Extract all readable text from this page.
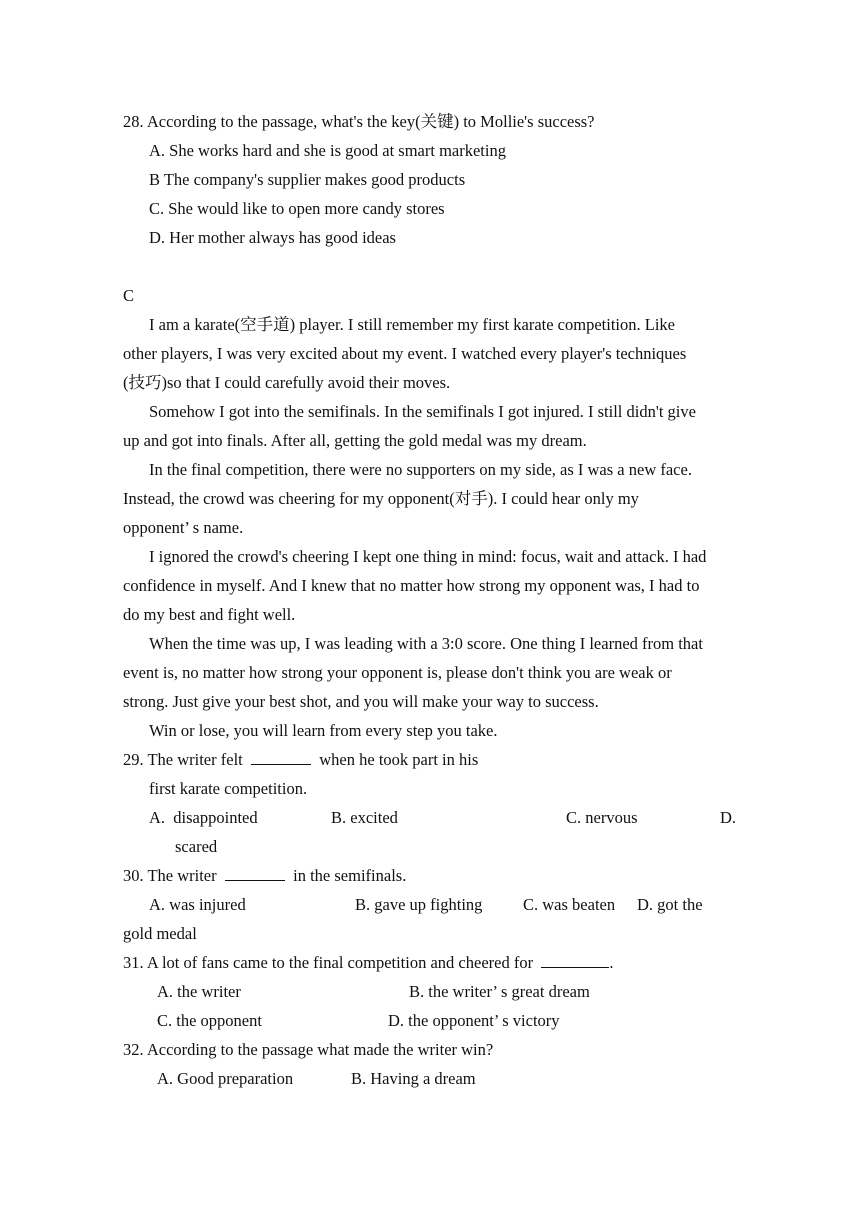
28. According to the passage, what's the key(关键) to Mollie's success?
A. She works hard and she is good at smart marketing
B The company's supplier makes good products
C. She would like to open more candy stores
D. Her mother always has good ideas
C
I am a karate(空手道) player. I still remember my first karate competition. Like
other players, I was very excited about my event. I watched every player's techniques
(技巧)so that I could carefully avoid their moves.
Somehow I got into the semifinals. In the semifinals I got injured. I still didn't give
up and got into finals. After all, getting the gold medal was my dream.
In the final competition, there were no supporters on my side, as I was a new face.
Instead, the crowd was cheering for my opponent(对手). I could hear only my
opponent’ s name.
I ignored the crowd's cheering I kept one thing in mind: focus, wait and attack. I had
confidence in myself. And I knew that no matter how strong my opponent was, I had to
do my best and fight well.
When the time was up, I was leading with a 3:0 score. One thing I learned from that
event is, no matter how strong your opponent is, please don't think you are weak or
strong. Just give your best shot, and you will make your way to success.
Win or lose, you will learn from every step you take.
29. The writer felt	when he took part in his
first karate competition.
A.  disappointed	B. excited	C. nervous	D.
scared
30. The writer	in the semifinals.
A. was injured	B. gave up fighting C. was beaten D. got the
gold medal
31. A lot of fans came to the final competition and cheered for	.
A. the writer	B. the writer’ s great dream
C. the opponent	D. the opponent’ s victory
32. According to the passage what made the writer win?
A. Good preparation	B. Having a dream
